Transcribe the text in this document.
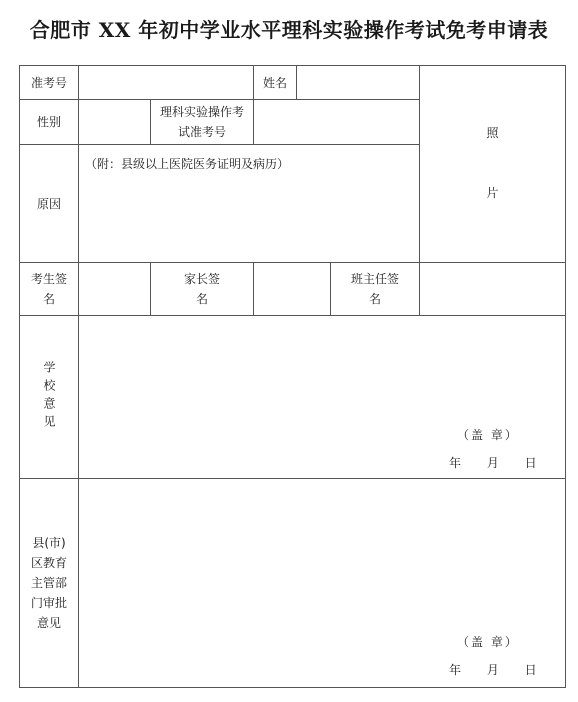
合肥市 XX 年初中学业水平理科实验操作考试免考申请表
准考号	姓名
照
片
性别
理科实验操作考试准考号
原因
（附：县级以上医院医务证明及病历）
考生签名
家长签名
班主任签 名
学校意见
（盖 章）
年 月 日
县(市)区教育主管部门审批意见
（盖 章）
年 月 日
